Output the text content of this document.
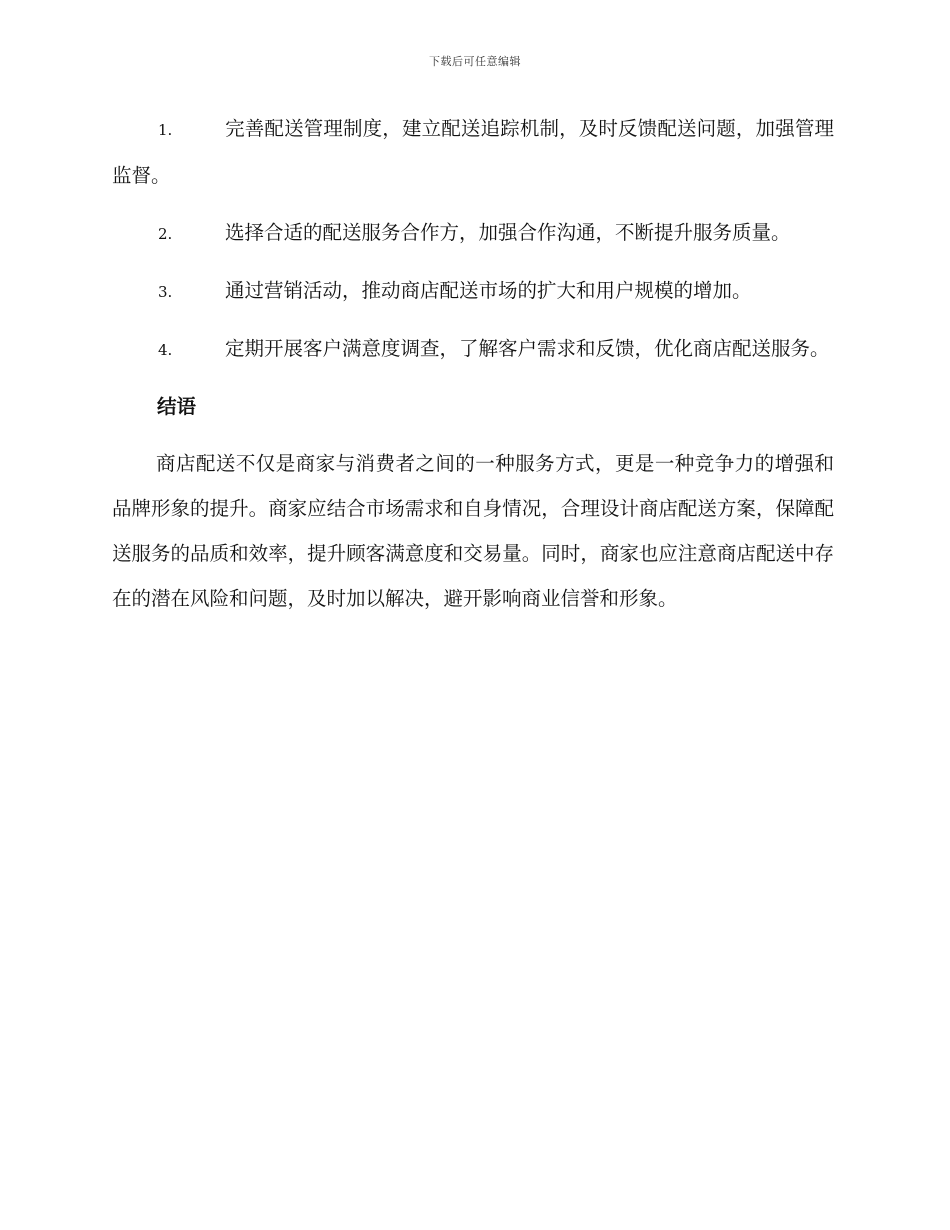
下载后可任意编辑
1.	完善配送管理制度，建立配送追踪机制，及时反馈配送问题，加强管理监督。
2.	选择合适的配送服务合作方，加强合作沟通，不断提升服务质量。
3.	通过营销活动，推动商店配送市场的扩大和用户规模的增加。
4.	定期开展客户满意度调查，了解客户需求和反馈，优化商店配送服务。
结语

商店配送不仅是商家与消费者之间的一种服务方式，更是一种竞争力的增强和品牌形象的提升。商家应结合市场需求和自身情况，合理设计商店配送方案，保障配送服务的品质和效率，提升顾客满意度和交易量。同时，商家也应注意商店配送中存在的潜在风险和问题，及时加以解决，避开影响商业信誉和形象。
